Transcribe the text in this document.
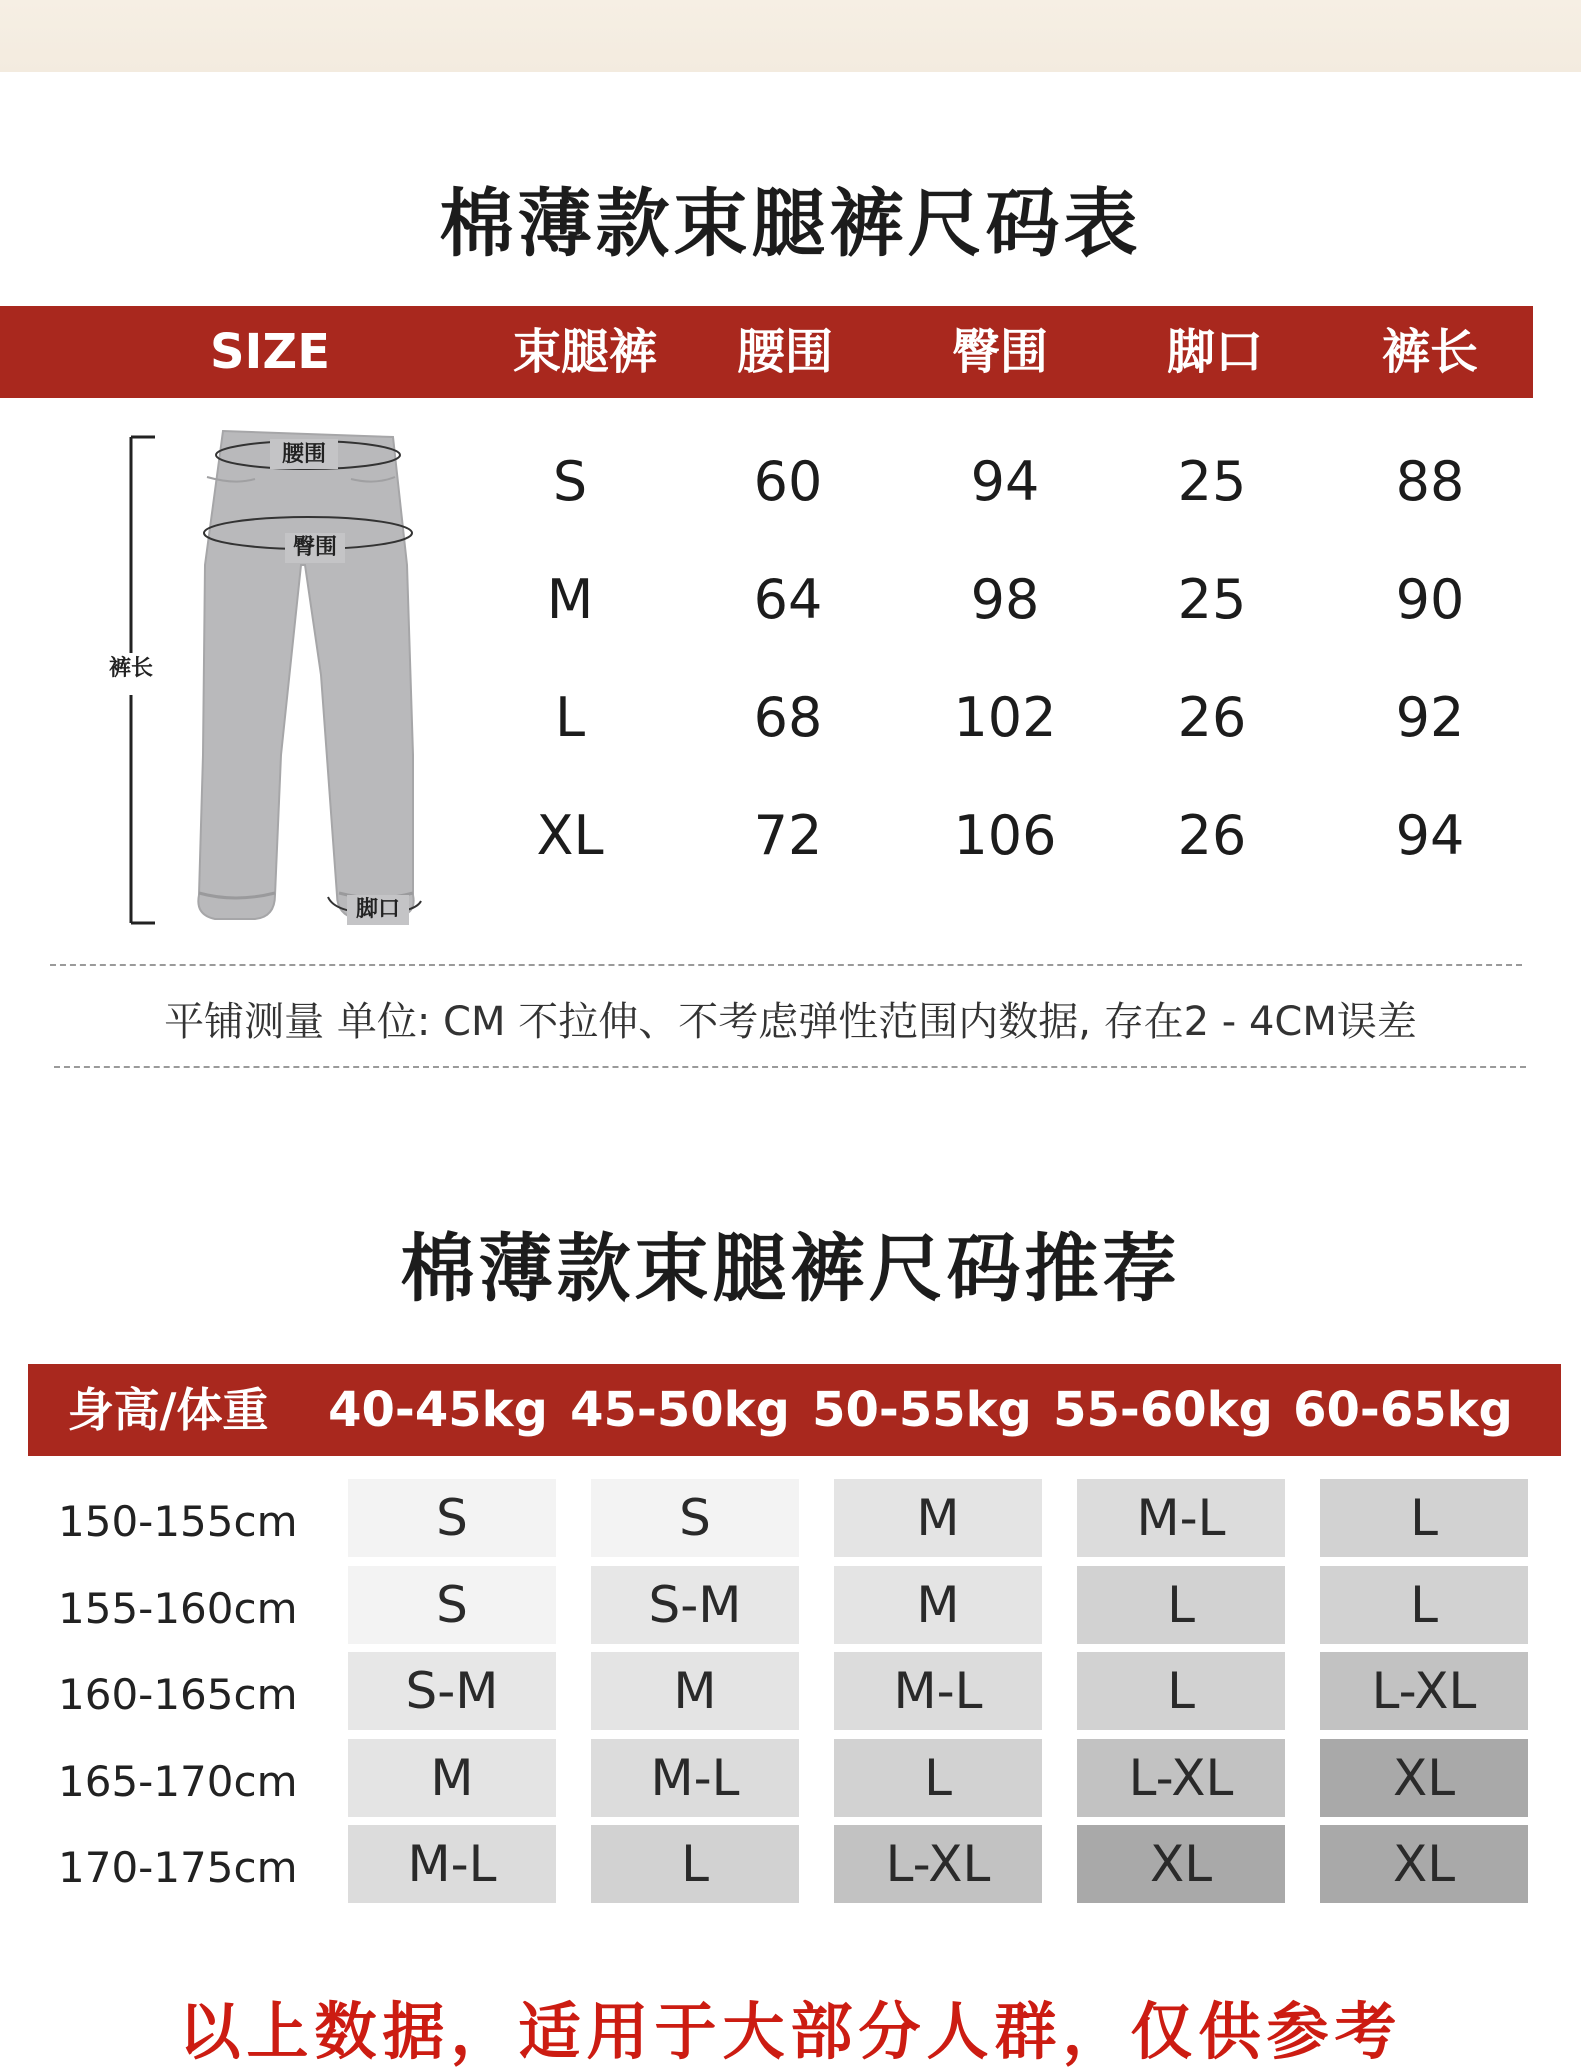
棉薄款束腿裤尺码表
SIZE	束腿裤	腰围	臀围	脚口	裤长
腰围
臀围
裤长
脚口
S	60	94	25	88
M	64	98	25	90
L	68	102	26	92
XL	72	106	26	94
平铺测量 单位: CM 不拉伸、不考虑弹性范围内数据, 存在2 - 4CM误差
棉薄款束腿裤尺码推荐
身高/体重 40-45kg 45-50kg 50-55kg 55-60kg 60-65kg
150-155cm	S	S	M	M-L	L
155-160cm	S	S-M	M	L	L
160-165cm	S-M	M	M-L	L	L-XL
165-170cm	M	M-L	L	L-XL	XL
170-175cm	M-L	L	L-XL	XL	XL
以上数据，适用于大部分人群，仅供参考
